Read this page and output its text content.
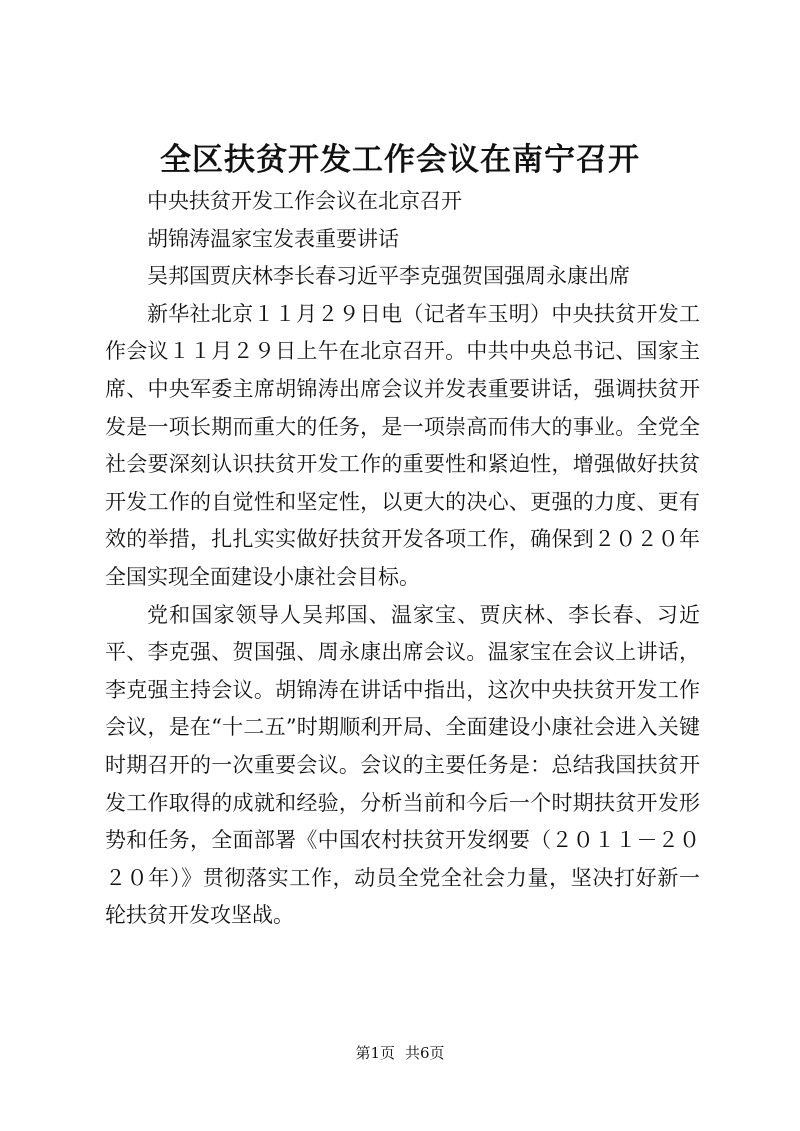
全区扶贫开发工作会议在南宁召开

中央扶贫开发工作会议在北京召开

胡锦涛温家宝发表重要讲话

吴邦国贾庆林李长春习近平李克强贺国强周永康出席

新华社北京１１月２９日电（记者车玉明）中央扶贫开发工作会议１１月２９日上午在北京召开。中共中央总书记、国家主席、中央军委主席胡锦涛出席会议并发表重要讲话，强调扶贫开发是一项长期而重大的任务，是一项崇高而伟大的事业。全党全社会要深刻认识扶贫开发工作的重要性和紧迫性，增强做好扶贫开发工作的自觉性和坚定性，以更大的决心、更强的力度、更有效的举措，扎扎实实做好扶贫开发各项工作，确保到２０２０年全国实现全面建设小康社会目标。

党和国家领导人吴邦国、温家宝、贾庆林、李长春、习近平、李克强、贺国强、周永康出席会议。温家宝在会议上讲话，李克强主持会议。胡锦涛在讲话中指出，这次中央扶贫开发工作会议，是在“十二五”时期顺利开局、全面建设小康社会进入关键时期召开的一次重要会议。会议的主要任务是：总结我国扶贫开发工作取得的成就和经验，分析当前和今后一个时期扶贫开发形势和任务，全面部署《中国农村扶贫开发纲要（２０１１－２０２０年）》贯彻落实工作，动员全党全社会力量，坚决打好新一轮扶贫开发攻坚战。

第1页 共6页
